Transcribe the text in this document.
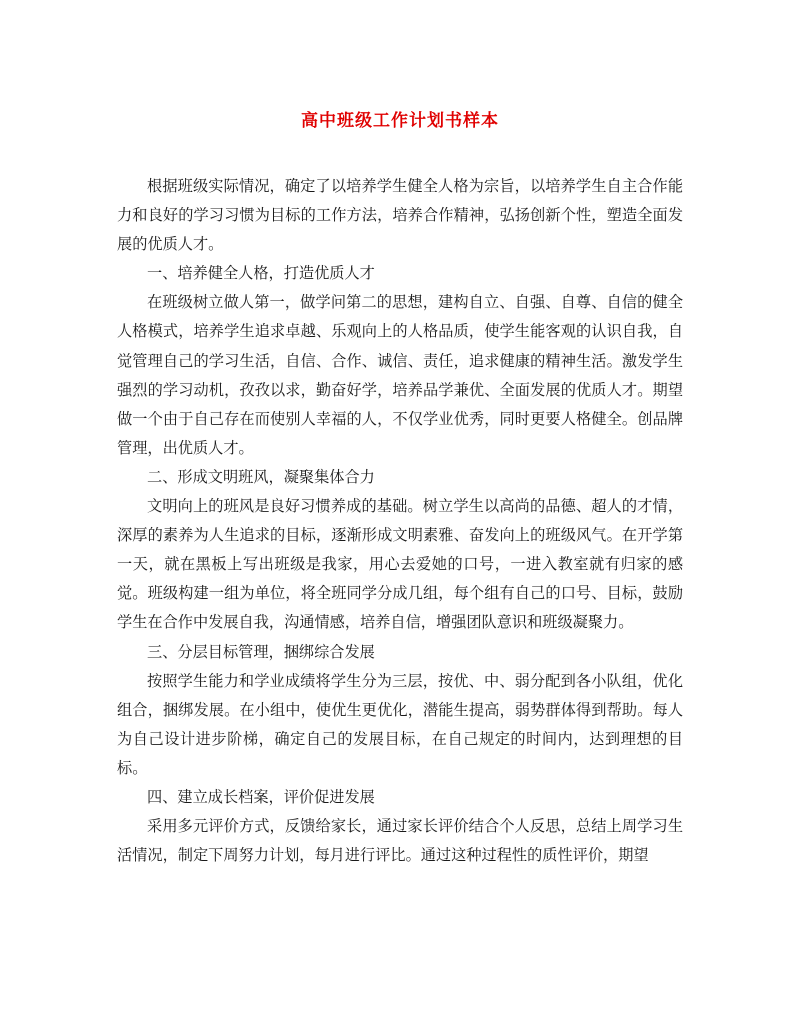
高中班级工作计划书样本

根据班级实际情况，确定了以培养学生健全人格为宗旨，以培养学生自主合作能力和良好的学习习惯为目标的工作方法，培养合作精神，弘扬创新个性，塑造全面发展的优质人才。

一、培养健全人格，打造优质人才

在班级树立做人第一，做学问第二的思想，建构自立、自强、自尊、自信的健全人格模式，培养学生追求卓越、乐观向上的人格品质，使学生能客观的认识自我，自觉管理自己的学习生活，自信、合作、诚信、责任，追求健康的精神生活。激发学生强烈的学习动机，孜孜以求，勤奋好学，培养品学兼优、全面发展的优质人才。期望做一个由于自己存在而使别人幸福的人，不仅学业优秀，同时更要人格健全。创品牌管理，出优质人才。

二、形成文明班风，凝聚集体合力

文明向上的班风是良好习惯养成的基础。树立学生以高尚的品德、超人的才情，深厚的素养为人生追求的目标，逐渐形成文明素雅、奋发向上的班级风气。在开学第一天，就在黑板上写出班级是我家，用心去爱她的口号，一进入教室就有归家的感觉。班级构建一组为单位，将全班同学分成几组，每个组有自己的口号、目标，鼓励学生在合作中发展自我，沟通情感，培养自信，增强团队意识和班级凝聚力。

三、分层目标管理，捆绑综合发展

按照学生能力和学业成绩将学生分为三层，按优、中、弱分配到各小队组，优化组合，捆绑发展。在小组中，使优生更优化，潜能生提高，弱势群体得到帮助。每人为自己设计进步阶梯，确定自己的发展目标，在自己规定的时间内，达到理想的目标。

四、建立成长档案，评价促进发展

采用多元评价方式，反馈给家长，通过家长评价结合个人反思，总结上周学习生活情况，制定下周努力计划，每月进行评比。通过这种过程性的质性评价，期望
